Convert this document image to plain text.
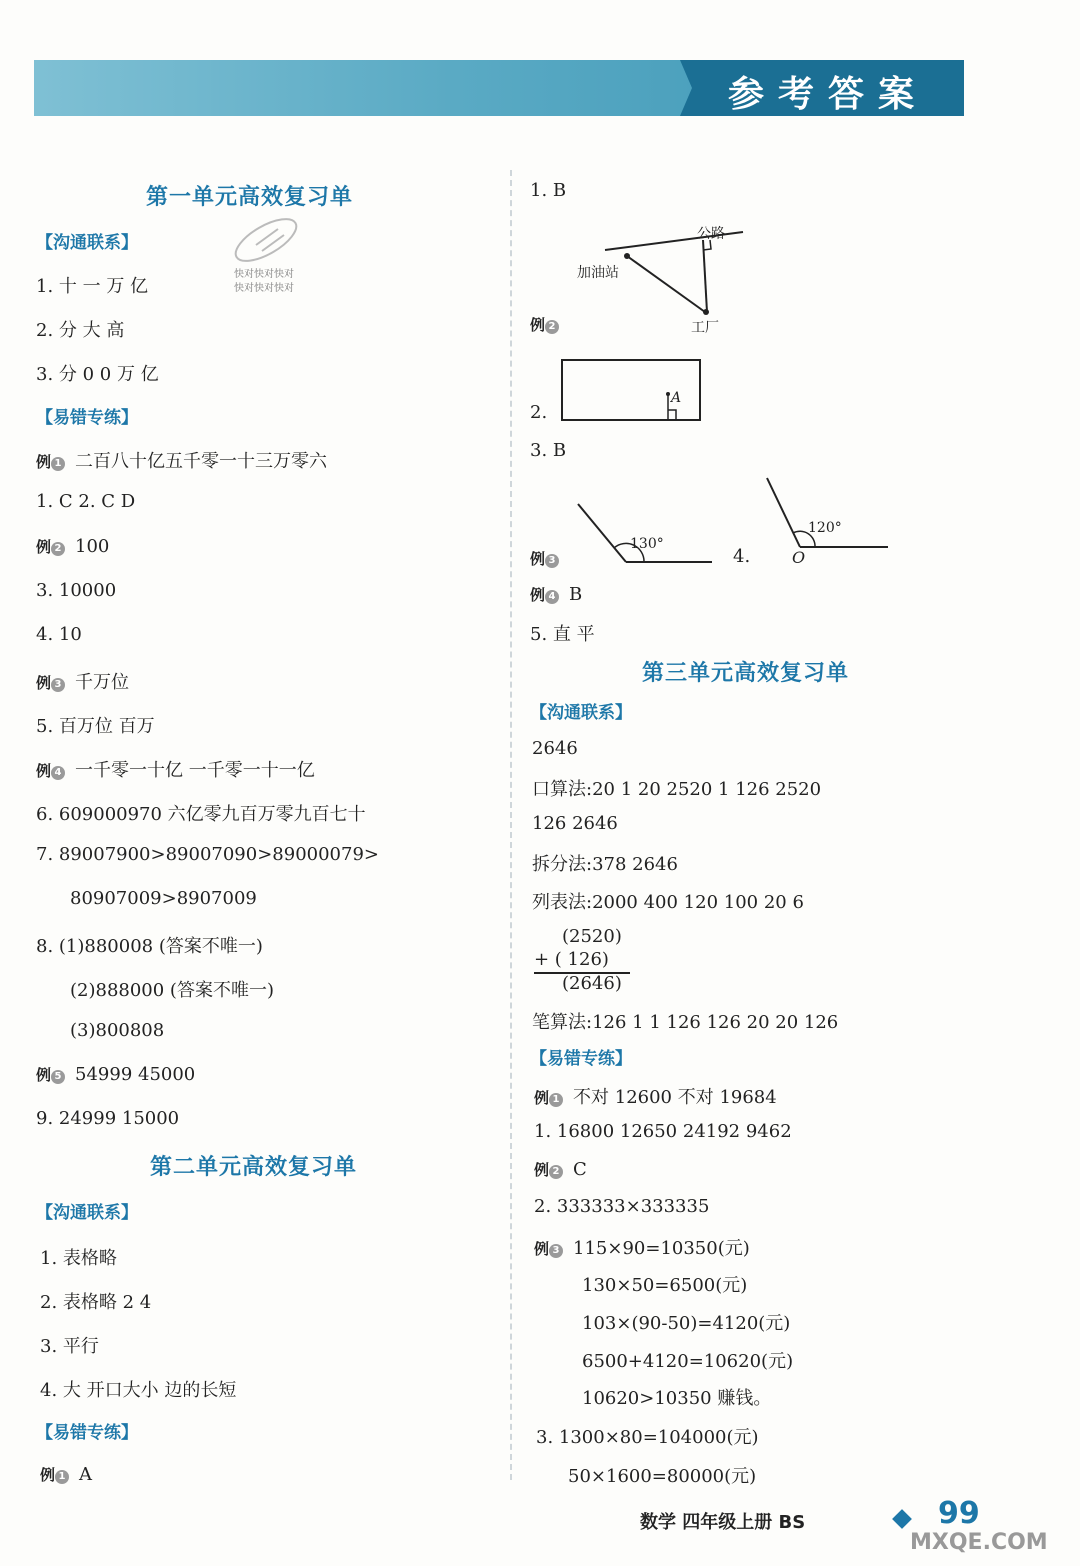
参考答案
快对快对快对
快对快对快对
第一单元高效复习单
【沟通联系】
1. 十 一 万 亿
2. 分 大 高
3. 分 0 0 万 亿
【易错专练】
例 1 二百八十亿五千零一十三万零六
1. C 2. C D
例 2 100
3. 10000
4. 10
例 3 千万位
5. 百万位 百万
例 4 一千零一十亿 一千零一十一亿
6. 609000970 六亿零九百万零九百七十
7. 89007900>89007090>89000079>
80907009>8907009
8. (1)880008 (答案不唯一)
(2)888000 (答案不唯一)
(3)800808
例 5 54999 45000
9. 24999 15000
第二单元高效复习单
【沟通联系】
1. 表格略
2. 表格略 2 4
3. 平行
4. 大 开口大小 边的长短
【易错专练】
例 1 A
1. B
公路
加油站
工厂
例 2
2.
A
3. B
130°
120°
O
例 3	4.
例 4 B
5. 直 平
第三单元高效复习单
【沟通联系】
2646
口算法:20 1 20 2520 1 126 2520
126 2646
拆分法:378 2646
列表法:2000 400 120 100 20 6
(2520)
+ ( 126)
(2646)
笔算法:126 1 1 126 126 20 20 126
【易错专练】
例 1 不对 12600 不对 19684
1. 16800 12650 24192 9462
例 2 C
2. 333333×333335
例 3 115×90=10350(元)
130×50=6500(元)
103×(90-50)=4120(元)
6500+4120=10620(元)
10620>10350 赚钱。
3. 1300×80=104000(元)
50×1600=80000(元)
数学 四年级上册 BS	99
MXQE.COM
